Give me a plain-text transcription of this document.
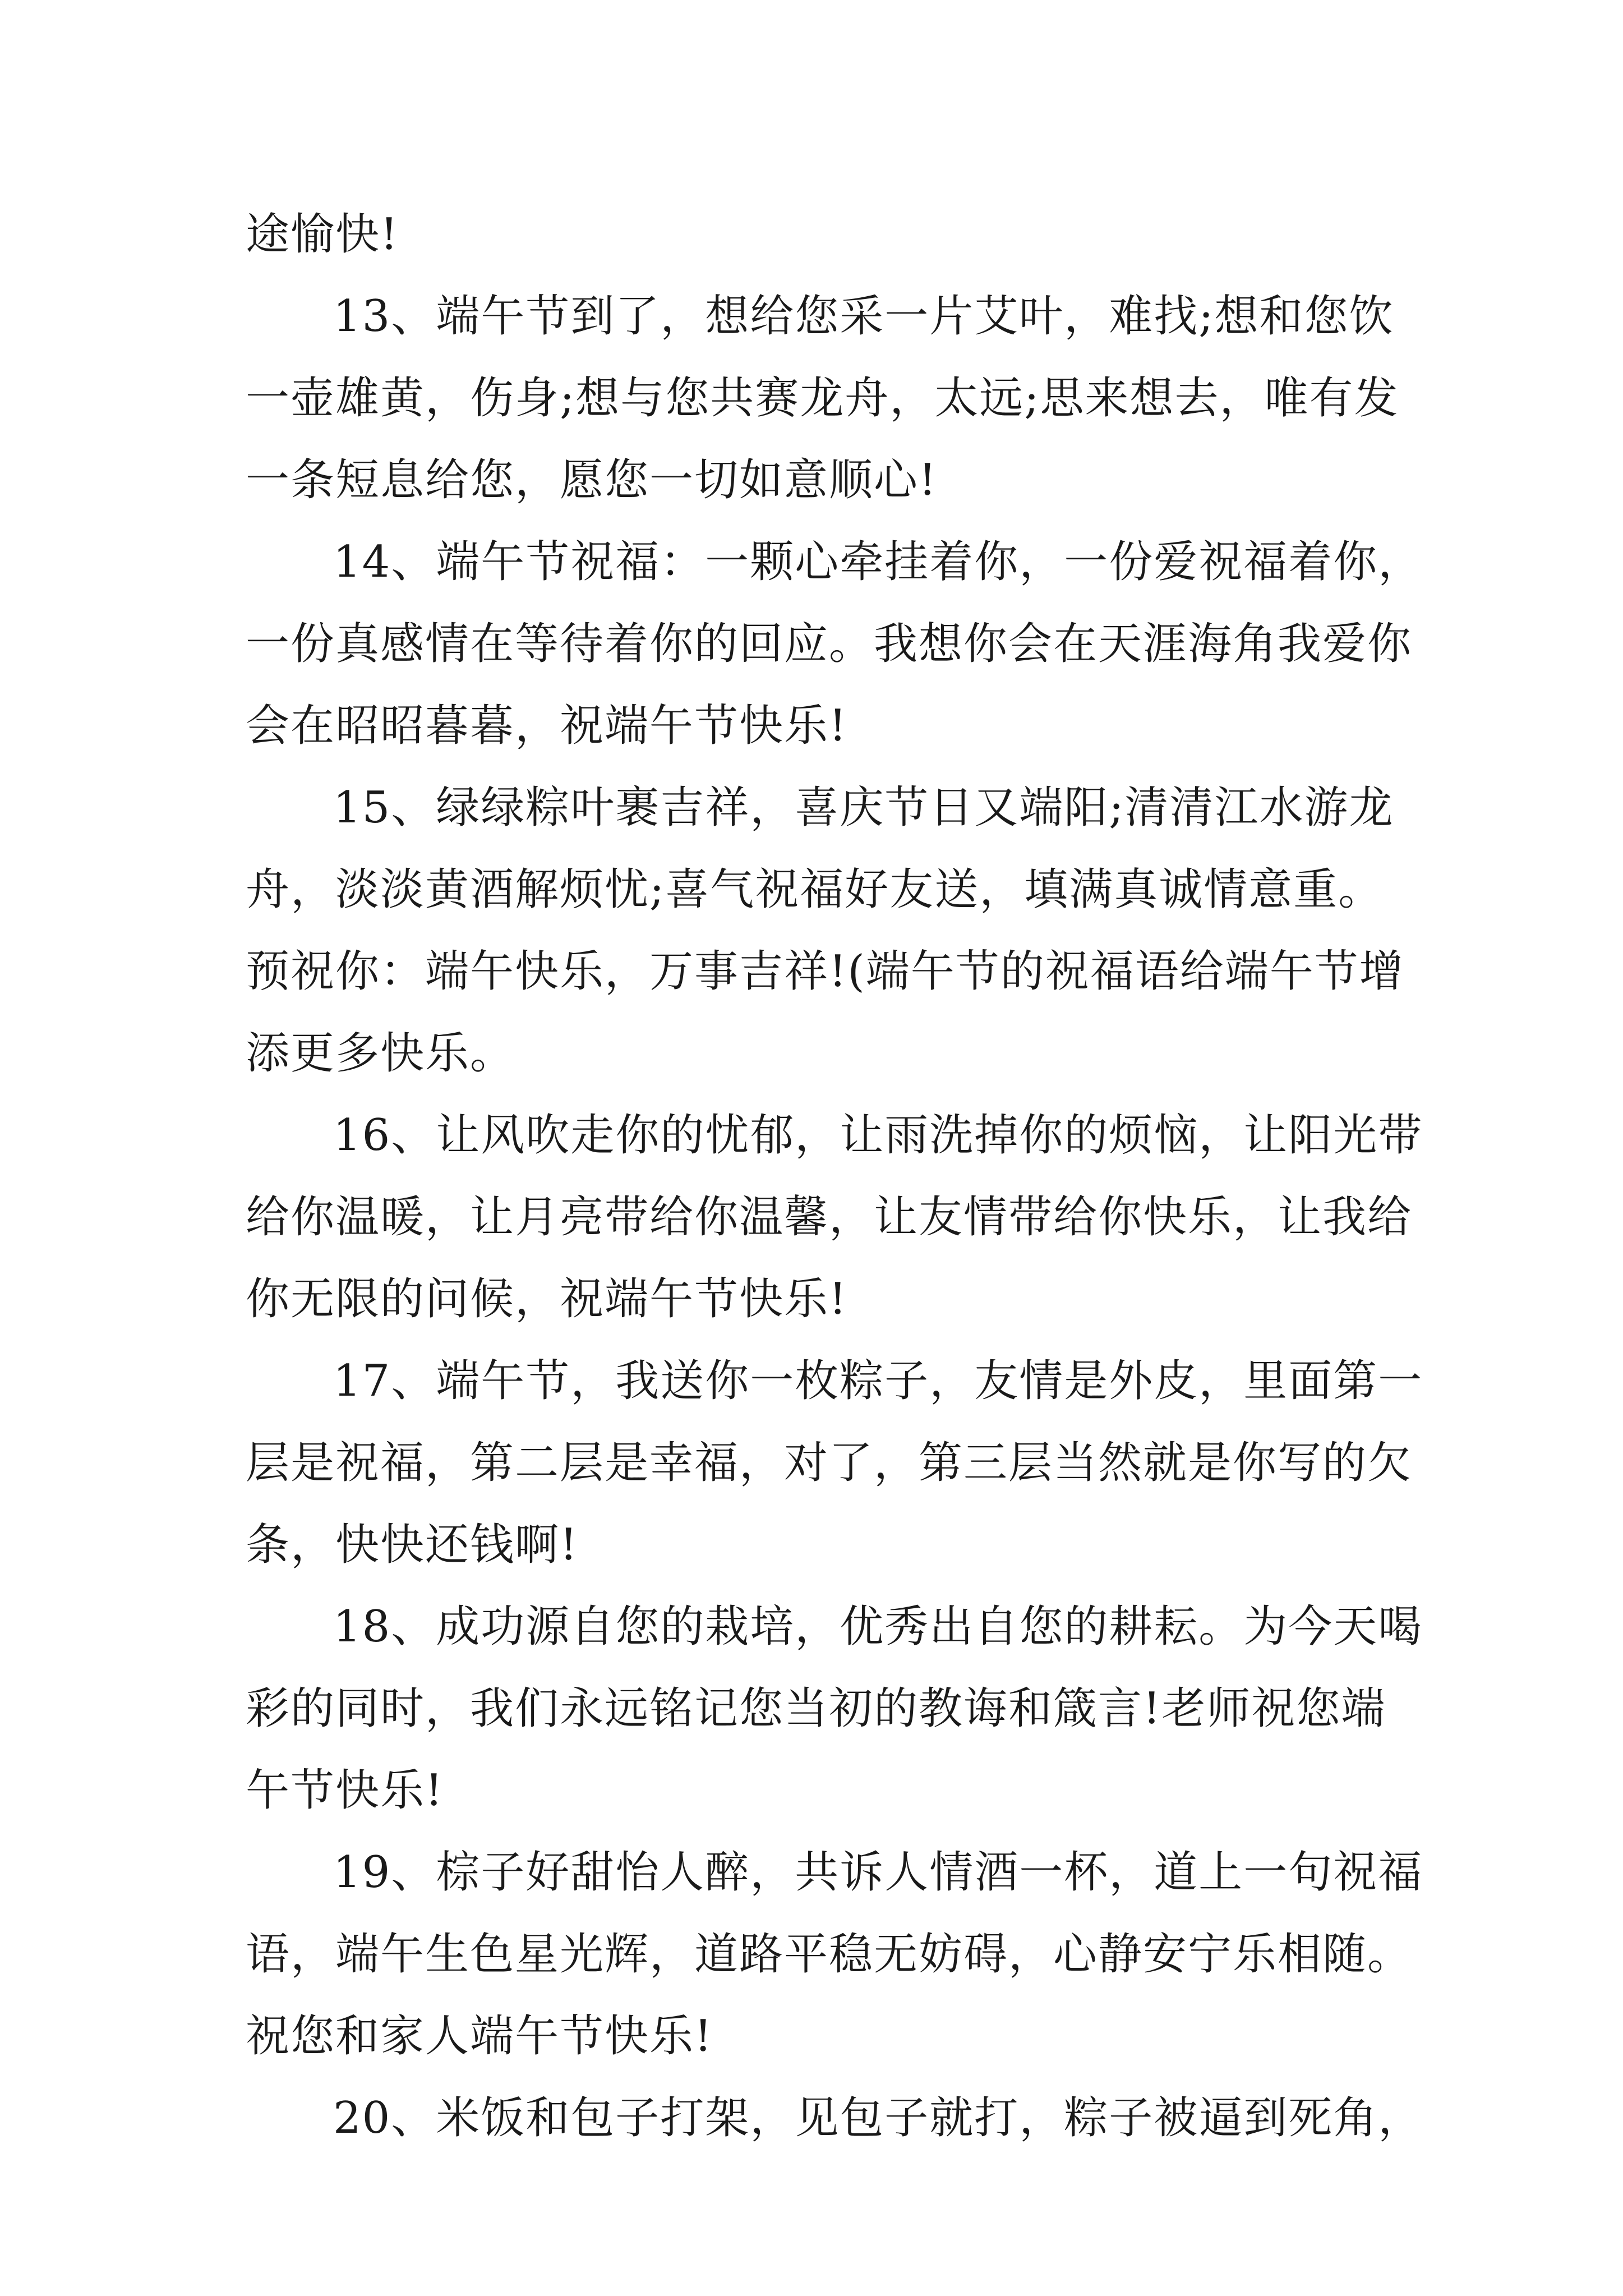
途愉快!

13、端午节到了，想给您采一片艾叶，难找;想和您饮
一壶雄黄，伤身;想与您共赛龙舟，太远;思来想去，唯有发
一条短息给您，愿您一切如意顺心!

14、端午节祝福：一颗心牵挂着你，一份爱祝福着你，
一份真感情在等待着你的回应。我想你会在天涯海角我爱你
会在昭昭暮暮，祝端午节快乐!

15、绿绿粽叶裹吉祥，喜庆节日又端阳;清清江水游龙
舟，淡淡黄酒解烦忧;喜气祝福好友送，填满真诚情意重。
预祝你：端午快乐，万事吉祥!(端午节的祝福语给端午节增
添更多快乐。

16、让风吹走你的忧郁，让雨洗掉你的烦恼，让阳光带
给你温暖，让月亮带给你温馨，让友情带给你快乐，让我给
你无限的问候，祝端午节快乐!

17、端午节，我送你一枚粽子，友情是外皮，里面第一
层是祝福，第二层是幸福，对了，第三层当然就是你写的欠
条，快快还钱啊!

18、成功源自您的栽培，优秀出自您的耕耘。为今天喝
彩的同时，我们永远铭记您当初的教诲和箴言!老师祝您端
午节快乐!

19、棕子好甜怡人醉，共诉人情酒一杯，道上一句祝福
语，端午生色星光辉，道路平稳无妨碍，心静安宁乐相随。
祝您和家人端午节快乐!

20、米饭和包子打架，见包子就打，粽子被逼到死角，
